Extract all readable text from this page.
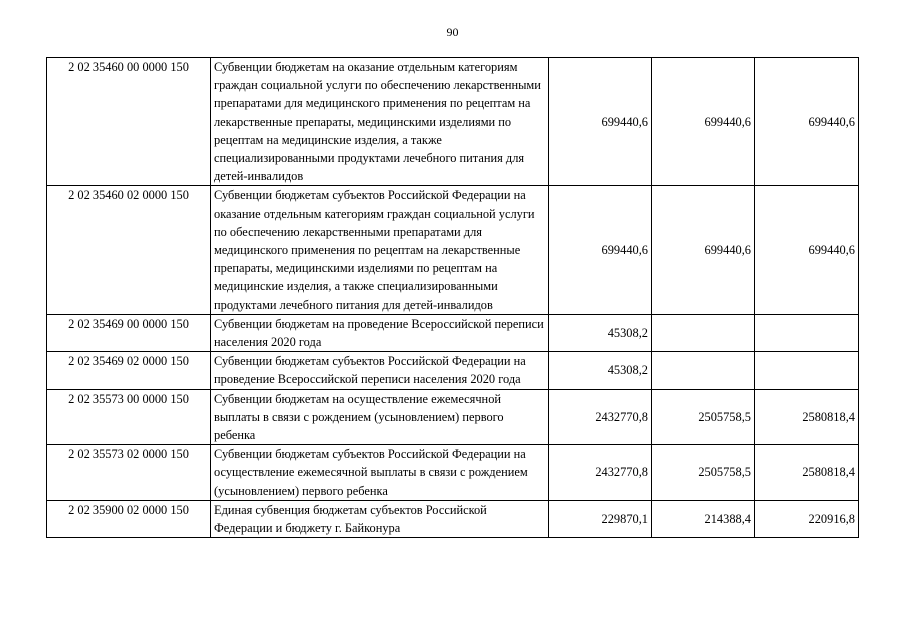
90
2 02 35460 00 0000 150	Субвенции бюджетам на оказание отдельным категориям граждан социальной услуги по обеспечению лекарственными препаратами для медицинского применения по рецептам на лекарственные препараты, медицинскими изделиями по рецептам на медицинские изделия, а также специализированными продуктами лечебного питания для детей-инвалидов	699440,6	699440,6	699440,6
2 02 35460 02 0000 150	Субвенции бюджетам субъектов Российской Федерации на оказание отдельным категориям граждан социальной услуги по обеспечению лекарственными препаратами для медицинского применения по рецептам на лекарственные препараты, медицинскими изделиями по рецептам на медицинские изделия, а также специализированными продуктами лечебного питания для детей-инвалидов	699440,6	699440,6	699440,6
2 02 35469 00 0000 150	Субвенции бюджетам на проведение Всероссийской переписи населения 2020 года	45308,2		
2 02 35469 02 0000 150	Субвенции бюджетам субъектов Российской Федерации на проведение Всероссийской переписи населения 2020 года	45308,2		
2 02 35573 00 0000 150	Субвенции бюджетам на осуществление ежемесячной выплаты в связи с рождением (усыновлением) первого ребенка	2432770,8	2505758,5	2580818,4
2 02 35573 02 0000 150	Субвенции бюджетам субъектов Российской Федерации на осуществление ежемесячной выплаты в связи с рождением (усыновлением) первого ребенка	2432770,8	2505758,5	2580818,4
2 02 35900 02 0000 150	Единая субвенция бюджетам субъектов Российской Федерации и бюджету г. Байконура	229870,1	214388,4	220916,8
